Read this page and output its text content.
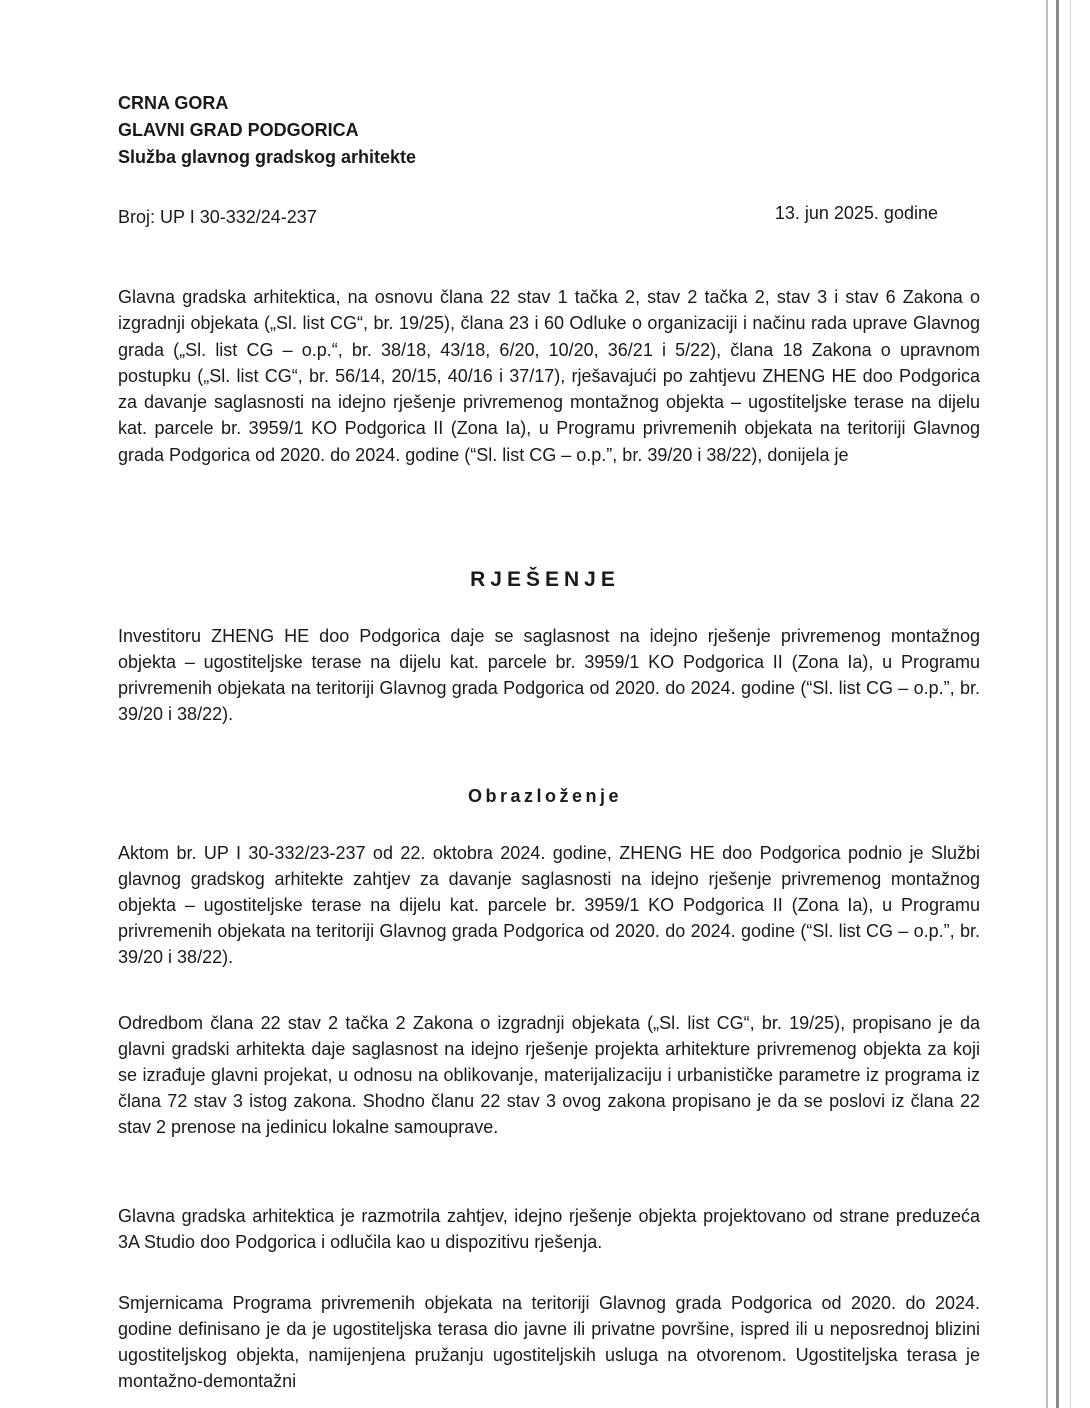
CRNA GORA
GLAVNI GRAD PODGORICA
Služba glavnog gradskog arhitekte
Broj: UP I 30-332/24-237	13. jun 2025. godine
Glavna gradska arhitektica, na osnovu člana 22 stav 1 tačka 2, stav 2 tačka 2, stav 3 i stav 6 Zakona o izgradnji objekata („Sl. list CG“, br. 19/25), člana 23 i 60 Odluke o organizaciji i načinu rada uprave Glavnog grada („Sl. list CG – o.p.“, br. 38/18, 43/18, 6/20, 10/20, 36/21 i 5/22), člana 18 Zakona o upravnom postupku („Sl. list CG“, br. 56/14, 20/15, 40/16 i 37/17), rješavajući po zahtjevu ZHENG HE doo Podgorica za davanje saglasnosti na idejno rješenje privremenog montažnog objekta – ugostiteljske terase na dijelu kat. parcele br. 3959/1 KO Podgorica II (Zona Ia), u Programu privremenih objekata na teritoriji Glavnog grada Podgorica od 2020. do 2024. godine (“Sl. list CG – o.p.”, br. 39/20 i 38/22), donijela je
RJEŠENJE
Investitoru ZHENG HE doo Podgorica daje se saglasnost na idejno rješenje privremenog montažnog objekta – ugostiteljske terase na dijelu kat. parcele br. 3959/1 KO Podgorica II (Zona Ia), u Programu privremenih objekata na teritoriji Glavnog grada Podgorica od 2020. do 2024. godine (“Sl. list CG – o.p.”, br. 39/20 i 38/22).
Obrazloženje
Aktom br. UP I 30-332/23-237 od 22. oktobra 2024. godine, ZHENG HE doo Podgorica podnio je Službi glavnog gradskog arhitekte zahtjev za davanje saglasnosti na idejno rješenje privremenog montažnog objekta – ugostiteljske terase na dijelu kat. parcele br. 3959/1 KO Podgorica II (Zona Ia), u Programu privremenih objekata na teritoriji Glavnog grada Podgorica od 2020. do 2024. godine (“Sl. list CG – o.p.”, br. 39/20 i 38/22).
Odredbom člana 22 stav 2 tačka 2 Zakona o izgradnji objekata („Sl. list CG“, br. 19/25), propisano je da glavni gradski arhitekta daje saglasnost na idejno rješenje projekta arhitekture privremenog objekta za koji se izrađuje glavni projekat, u odnosu na oblikovanje, materijalizaciju i urbanističke parametre iz programa iz člana 72 stav 3 istog zakona. Shodno članu 22 stav 3 ovog zakona propisano je da se poslovi iz člana 22 stav 2 prenose na jedinicu lokalne samouprave.
Glavna gradska arhitektica je razmotrila zahtjev, idejno rješenje objekta projektovano od strane preduzeća 3A Studio doo Podgorica i odlučila kao u dispozitivu rješenja.
Smjernicama Programa privremenih objekata na teritoriji Glavnog grada Podgorica od 2020. do 2024. godine definisano je da je ugostiteljska terasa dio javne ili privatne površine, ispred ili u neposrednoj blizini ugostiteljskog objekta, namijenjena pružanju ugostiteljskih usluga na otvorenom. Ugostiteljska terasa je montažno-demontažni
